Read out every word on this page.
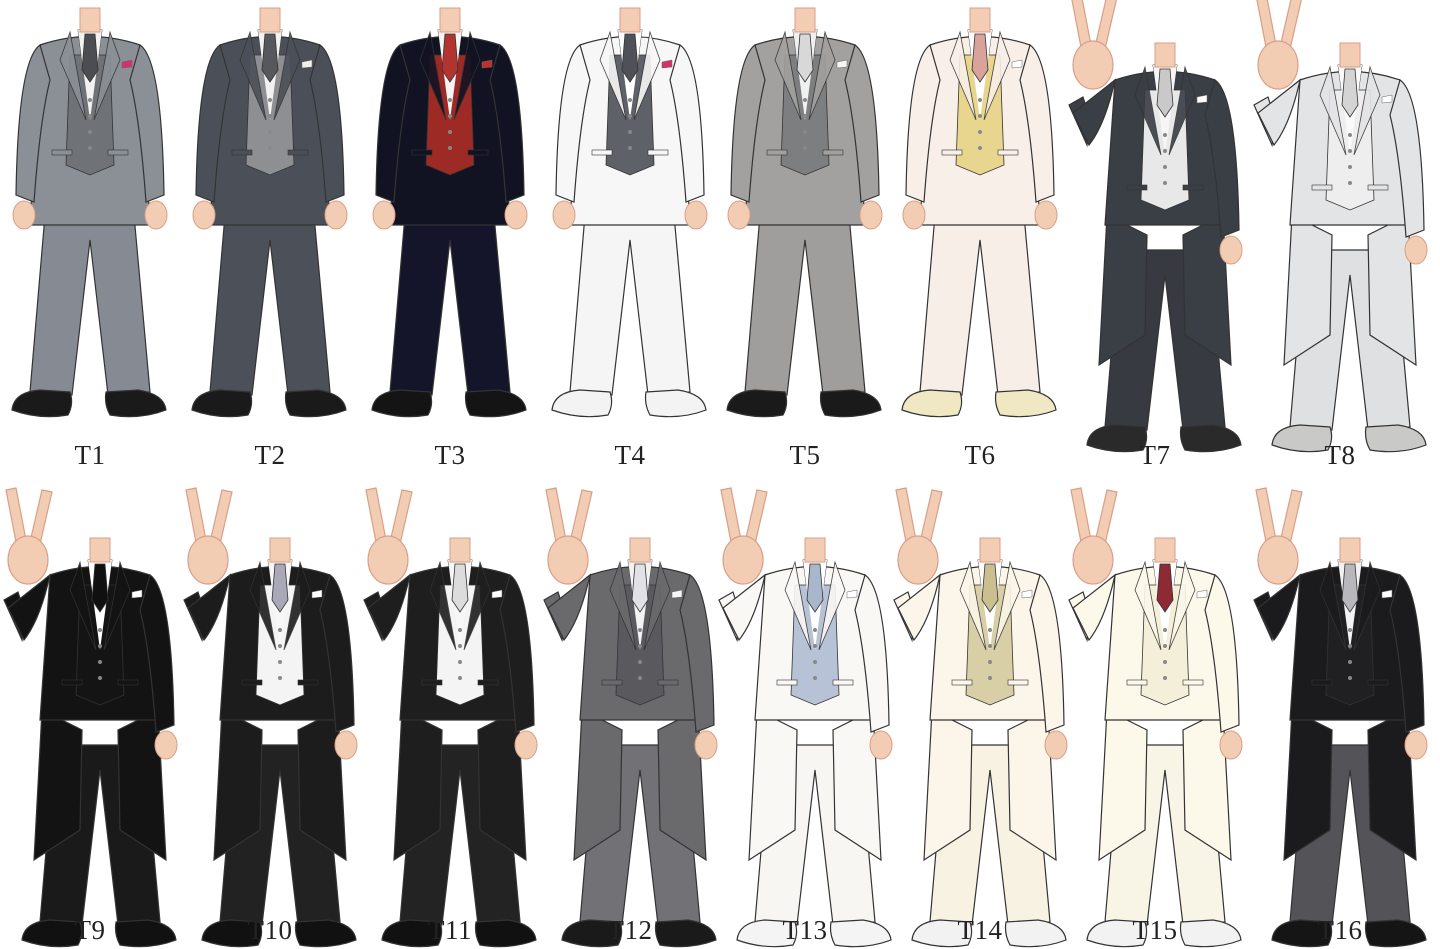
T1	T2	T3	T4	T5	T6	T7	T8
T9	T10	T11	T12	T13	T14	T15	T16
